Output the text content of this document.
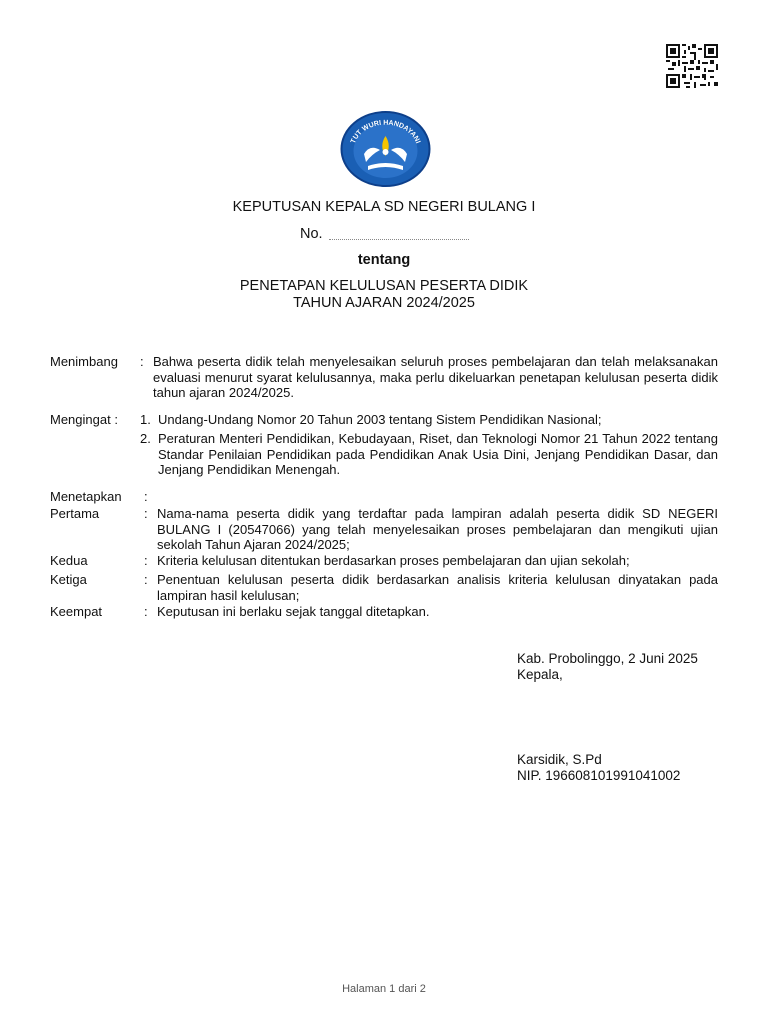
TUT WURI HANDAYANI
KEPUTUSAN KEPALA SD NEGERI BULANG I
No.
tentang
PENETAPAN KELULUSAN PESERTA DIDIK
TAHUN AJARAN 2024/2025
Menimbang : Bahwa peserta didik telah menyelesaikan seluruh proses pembelajaran dan telah melaksanakan evaluasi menurut syarat kelulusannya, maka perlu dikeluarkan penetapan kelulusan peserta didik tahun ajaran 2024/2025.
Mengingat : 1. Undang-Undang Nomor 20 Tahun 2003 tentang Sistem Pendidikan Nasional;
2. Peraturan Menteri Pendidikan, Kebudayaan, Riset, dan Teknologi Nomor 21 Tahun 2022 tentang Standar Penilaian Pendidikan pada Pendidikan Anak Usia Dini, Jenjang Pendidikan Dasar, dan Jenjang Pendidikan Menengah.
Menetapkan :
Pertama	: Nama-nama peserta didik yang terdaftar pada lampiran adalah peserta didik SD NEGERI BULANG I (20547066) yang telah menyelesaikan proses pembelajaran dan mengikuti ujian sekolah Tahun Ajaran 2024/2025;
Kedua	: Kriteria kelulusan ditentukan berdasarkan proses pembelajaran dan ujian sekolah;
Ketiga	: Penentuan kelulusan peserta didik berdasarkan analisis kriteria kelulusan dinyatakan pada lampiran hasil kelulusan;
Keempat	: Keputusan ini berlaku sejak tanggal ditetapkan.
Kab. Probolinggo, 2 Juni 2025
Kepala,
Karsidik, S.Pd
NIP. 196608101991041002
Halaman 1 dari 2
